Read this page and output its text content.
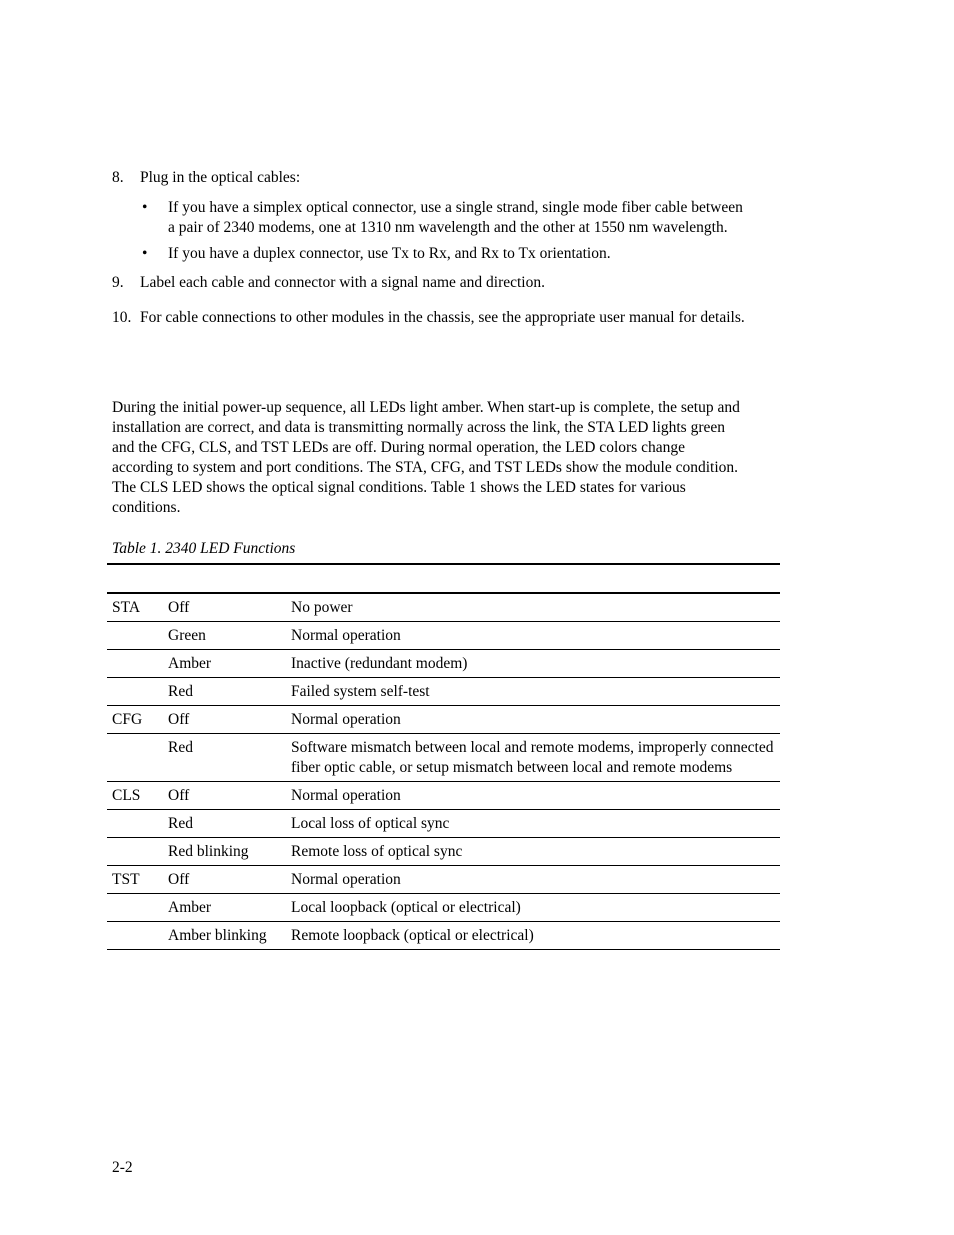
8. Plug in the optical cables:
• If you have a simplex optical connector, use a single strand, single mode fiber cable between
a pair of 2340 modems, one at 1310 nm wavelength and the other at 1550 nm wavelength.
• If you have a duplex connector, use Tx to Rx, and Rx to Tx orientation.
9. Label each cable and connector with a signal name and direction.
10. For cable connections to other modules in the chassis, see the appropriate user manual for details.
During the initial power-up sequence, all LEDs light amber. When start-up is complete, the setup and
installation are correct, and data is transmitting normally across the link, the STA LED lights green
and the CFG, CLS, and TST LEDs are off. During normal operation, the LED colors change
according to system and port conditions. The STA, CFG, and TST LEDs show the module condition.
The CLS LED shows the optical signal conditions. Table 1 shows the LED states for various
conditions.
Table 1. 2340 LED Functions
STA	Off	No power
	Green	Normal operation
	Amber	Inactive (redundant modem)
	Red	Failed system self-test
CFG	Off	Normal operation
	Red	Software mismatch between local and remote modems, improperly connected fiber optic cable, or setup mismatch between local and remote modems
CLS	Off	Normal operation
	Red	Local loss of optical sync
	Red blinking	Remote loss of optical sync
TST	Off	Normal operation
	Amber	Local loopback (optical or electrical)
	Amber blinking	Remote loopback (optical or electrical)
2-2
